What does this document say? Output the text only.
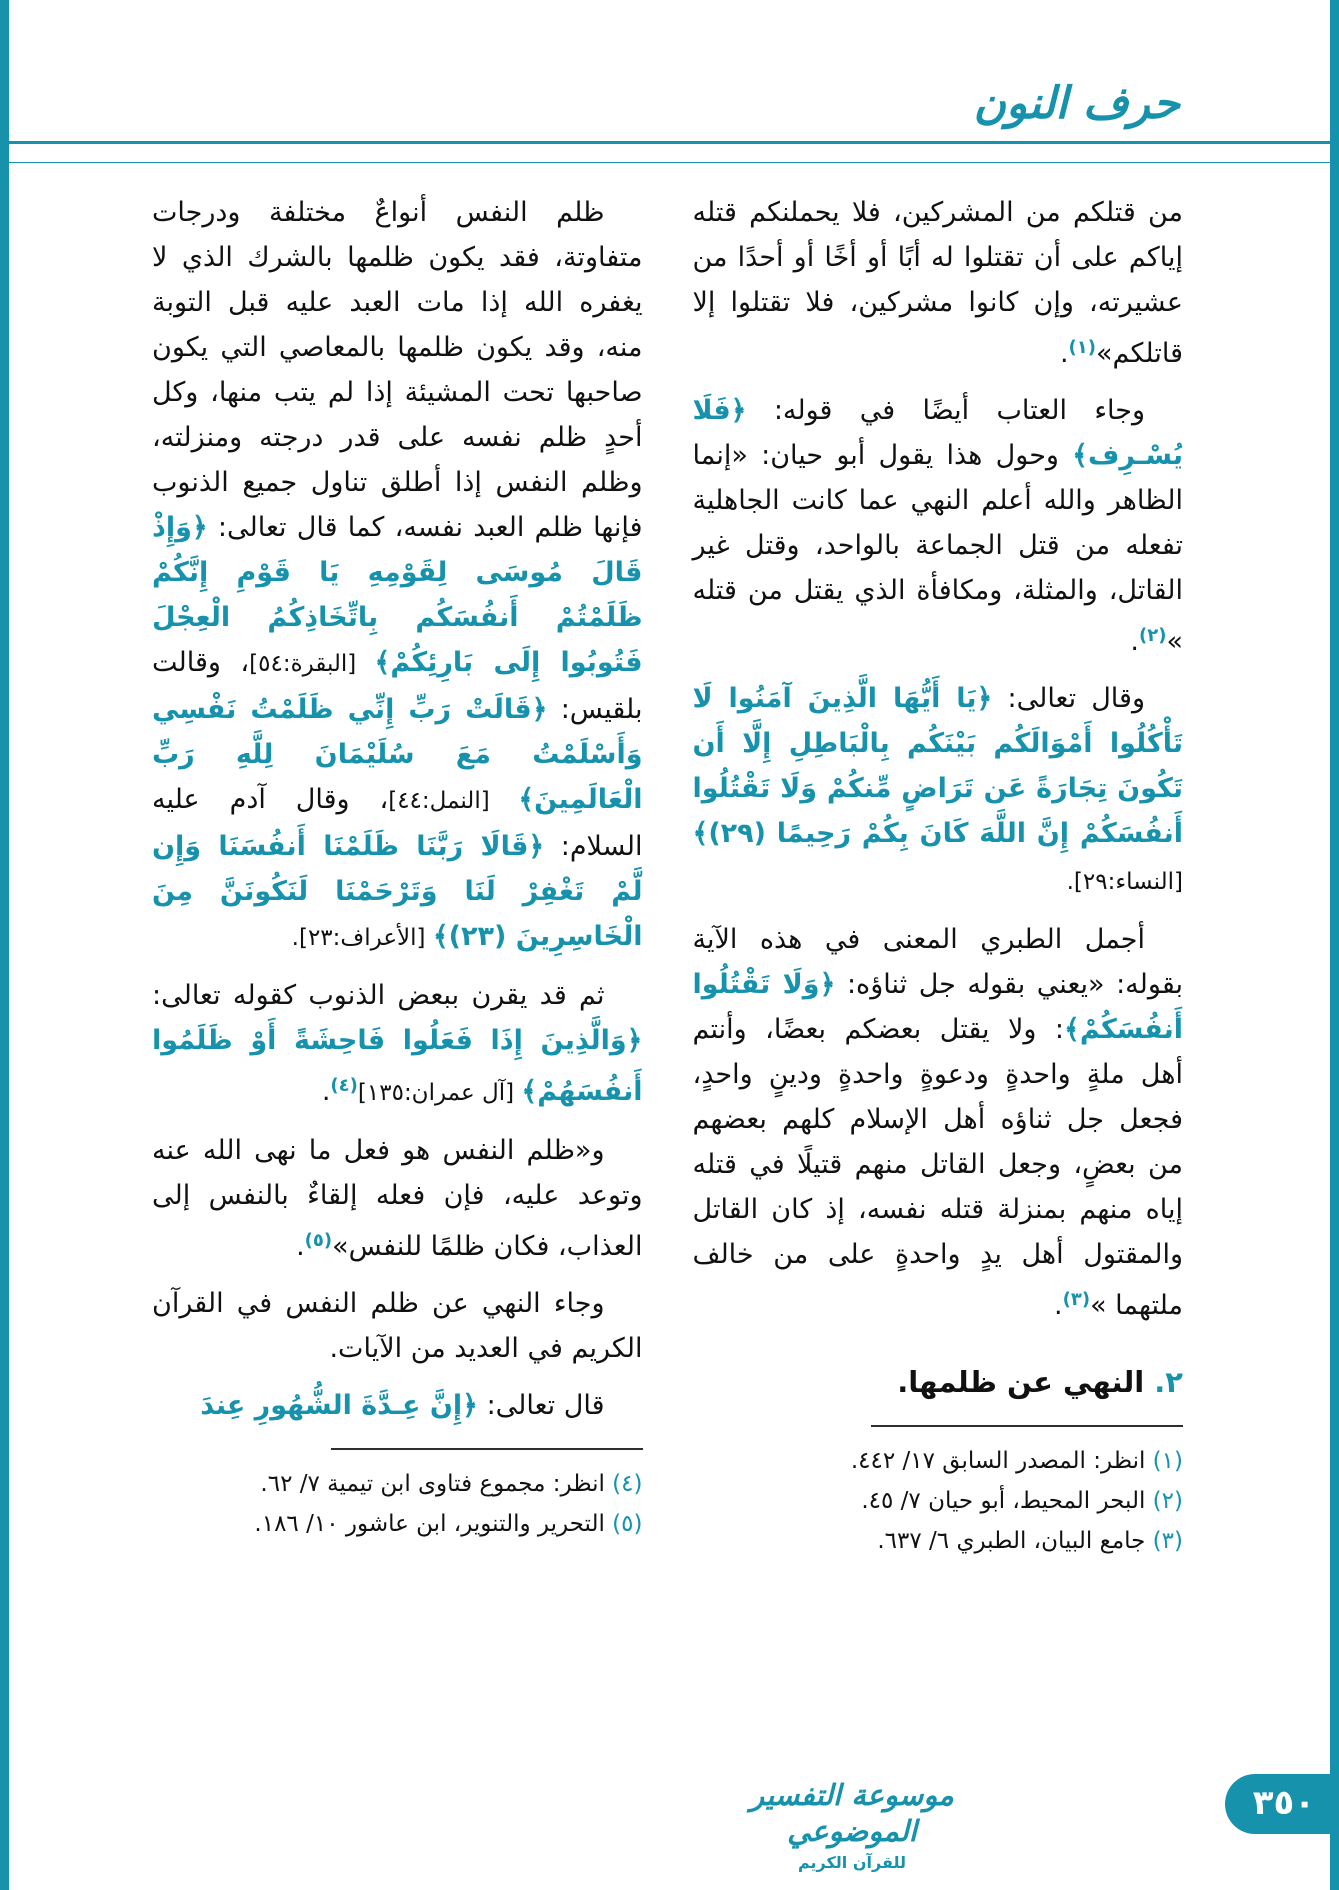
حرف النون

من قتلكم من المشركين، فلا يحملنكم قتله إياكم على أن تقتلوا له أبًا أو أخًا أو أحدًا من عشيرته، وإن كانوا مشركين، فلا تقتلوا إلا قاتلكم»$^{(١)}$.

وجاء العتاب أيضًا في قوله: ﴿فَلَا يُسْـرِف﴾ وحول هذا يقول أبو حيان: «إنما الظاهر والله أعلم النهي عما كانت الجاهلية تفعله من قتل الجماعة بالواحد، وقتل غير القاتل، والمثلة، ومكافأة الذي يقتل من قتله »$^{(٢)}$.

وقال تعالى: ﴿يَا أَيُّهَا الَّذِينَ آمَنُوا لَا تَأْكُلُوا أَمْوَالَكُم بَيْنَكُم بِالْبَاطِلِ إِلَّا أَن تَكُونَ تِجَارَةً عَن تَرَاضٍ مِّنكُمْ وَلَا تَقْتُلُوا أَنفُسَكُمْ إِنَّ اللَّهَ كَانَ بِكُمْ رَحِيمًا (٢٩)﴾ [النساء:٢٩].

أجمل الطبري المعنى في هذه الآية بقوله: «يعني بقوله جل ثناؤه: ﴿وَلَا تَقْتُلُوا أَنفُسَكُمْ﴾: ولا يقتل بعضكم بعضًا، وأنتم أهل ملةٍ واحدةٍ ودعوةٍ واحدةٍ ودينٍ واحدٍ، فجعل جل ثناؤه أهل الإسلام كلهم بعضهم من بعضٍ، وجعل القاتل منهم قتيلًا في قتله إياه منهم بمنزلة قتله نفسه، إذ كان القاتل والمقتول أهل يدٍ واحدةٍ على من خالف ملتهما »$^{(٣)}$.

٢. النهي عن ظلمها.

(١) انظر: المصدر السابق ١٧/ ٤٤٢.
(٢) البحر المحيط، أبو حيان ٧/ ٤٥.
(٣) جامع البيان، الطبري ٦/ ٦٣٧.

ظلم النفس أنواعٌ مختلفة ودرجات متفاوتة، فقد يكون ظلمها بالشرك الذي لا يغفره الله إذا مات العبد عليه قبل التوبة منه، وقد يكون ظلمها بالمعاصي التي يكون صاحبها تحت المشيئة إذا لم يتب منها، وكل أحدٍ ظلم نفسه على قدر درجته ومنزلته، وظلم النفس إذا أطلق تناول جميع الذنوب فإنها ظلم العبد نفسه، كما قال تعالى: ﴿وَإِذْ قَالَ مُوسَى لِقَوْمِهِ يَا قَوْمِ إِنَّكُمْ ظَلَمْتُمْ أَنفُسَكُم بِاتِّخَاذِكُمُ الْعِجْلَ فَتُوبُوا إِلَى بَارِئِكُمْ﴾ [البقرة:٥٤]، وقالت بلقيس: ﴿قَالَتْ رَبِّ إِنِّي ظَلَمْتُ نَفْسِي وَأَسْلَمْتُ مَعَ سُلَيْمَانَ لِلَّهِ رَبِّ الْعَالَمِينَ﴾ [النمل:٤٤]، وقال آدم عليه السلام: ﴿قَالَا رَبَّنَا ظَلَمْنَا أَنفُسَنَا وَإِن لَّمْ تَغْفِرْ لَنَا وَتَرْحَمْنَا لَنَكُونَنَّ مِنَ الْخَاسِرِينَ (٢٣)﴾ [الأعراف:٢٣].

ثم قد يقرن ببعض الذنوب كقوله تعالى: ﴿وَالَّذِينَ إِذَا فَعَلُوا فَاحِشَةً أَوْ ظَلَمُوا أَنفُسَهُمْ﴾ [آل عمران:١٣٥]$^{(٤)}$.

و«ظلم النفس هو فعل ما نهى الله عنه وتوعد عليه، فإن فعله إلقاءٌ بالنفس إلى العذاب، فكان ظلمًا للنفس»$^{(٥)}$.

وجاء النهي عن ظلم النفس في القرآن الكريم في العديد من الآيات.

قال تعالى: ﴿إِنَّ عِـدَّةَ الشُّهُورِ عِندَ

(٤) انظر: مجموع فتاوى ابن تيمية ٧/ ٦٢.
(٥) التحرير والتنوير، ابن عاشور ١٠/ ١٨٦.
موسوعة التفسير الموضوعي
للقرآن الكريم
٣٥٠
